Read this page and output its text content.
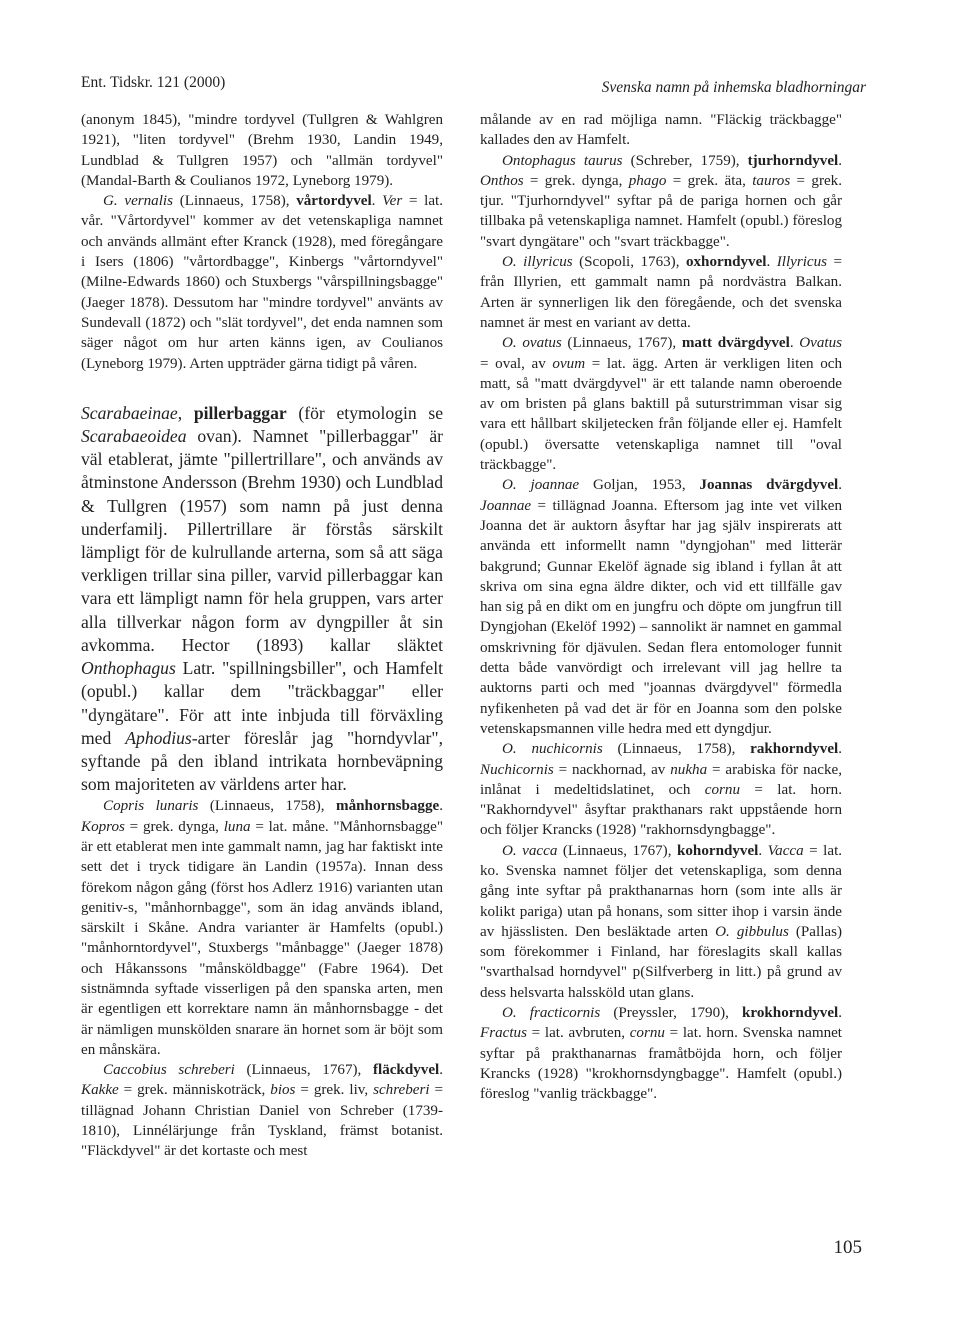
Ent. Tidskr. 121 (2000)	Svenska namn på inhemska bladhorningar

(anonym 1845), "mindre tordyvel (Tullgren & Wahlgren 1921), "liten tordyvel" (Brehm 1930, Landin 1949, Lundblad & Tullgren 1957) och "allmän tordyvel" (Mandal-Barth & Coulianos 1972, Lyneborg 1979).

G. vernalis (Linnaeus, 1758), vårtordyvel. Ver = lat. vår. "Vårtordyvel" kommer av det vetenskapliga namnet och används allmänt efter Kranck (1928), med föregångare i Isers (1806) "vårtordbagge", Kinbergs "vårtorndyvel" (Milne-Edwards 1860) och Stuxbergs "vårspillningsbagge" (Jaeger 1878). Dessutom har "mindre tordyvel" använts av Sundevall (1872) och "slät tordyvel", det enda namnen som säger något om hur arten känns igen, av Coulianos (Lyneborg 1979). Arten uppträder gärna tidigt på våren.

Scarabaeinae, pillerbaggar (för etymologin se Scarabaeoidea ovan). Namnet "pillerbaggar" är väl etablerat, jämte "pillertrillare", och används av åtminstone Andersson (Brehm 1930) och Lundblad & Tullgren (1957) som namn på just denna underfamilj. Pillertrillare är förstås särskilt lämpligt för de kulrullande arterna, som så att säga verkligen trillar sina piller, varvid pillerbaggar kan vara ett lämpligt namn för hela gruppen, vars arter alla tillverkar någon form av dyngpiller åt sin avkomma. Hector (1893) kallar släktet Onthophagus Latr. "spillningsbiller", och Hamfelt (opubl.) kallar dem "träckbaggar" eller "dyngätare". För att inte inbjuda till förväxling med Aphodius-arter föreslår jag "horndyvlar", syftande på den ibland intrikata hornbeväpning som majoriteten av världens arter har.

Copris lunaris (Linnaeus, 1758), månhornsbagge. Kopros = grek. dynga, luna = lat. måne. "Månhornsbagge" är ett etablerat men inte gammalt namn, jag har faktiskt inte sett det i tryck tidigare än Landin (1957a). Innan dess förekom någon gång (först hos Adlerz 1916) varianten utan genitiv-s, "månhornbagge", som än idag används ibland, särskilt i Skåne. Andra varianter är Hamfelts (opubl.) "månhorntordyvel", Stuxbergs "månbagge" (Jaeger 1878) och Håkanssons "månsköldbagge" (Fabre 1964). Det sistnämnda syftade visserligen på den spanska arten, men är egentligen ett korrektare namn än månhornsbagge - det är nämligen munskölden snarare än hornet som är böjt som en månskära.

Caccobius schreberi (Linnaeus, 1767), fläckdyvel. Kakke = grek. människoträck, bios = grek. liv, schreberi = tillägnad Johann Christian Daniel von Schreber (1739-1810), Linnélärjunge från Tyskland, främst botanist. "Fläckdyvel" är det kortaste och mest

målande av en rad möjliga namn. "Fläckig träckbagge" kallades den av Hamfelt.

Ontophagus taurus (Schreber, 1759), tjurhorndyvel. Onthos = grek. dynga, phago = grek. äta, tauros = grek. tjur. "Tjurhorndyvel" syftar på de pariga hornen och går tillbaka på vetenskapliga namnet. Hamfelt (opubl.) föreslog "svart dyngätare" och "svart träckbagge".

O. illyricus (Scopoli, 1763), oxhorndyvel. Illyricus = från Illyrien, ett gammalt namn på nordvästra Balkan. Arten är synnerligen lik den föregående, och det svenska namnet är mest en variant av detta.

O. ovatus (Linnaeus, 1767), matt dvärgdyvel. Ovatus = oval, av ovum = lat. ägg. Arten är verkligen liten och matt, så "matt dvärgdyvel" är ett talande namn oberoende av om bristen på glans baktill på suturstrimman visar sig vara ett hållbart skiljetecken från följande eller ej. Hamfelt (opubl.) översatte vetenskapliga namnet till "oval träckbagge".

O. joannae Goljan, 1953, Joannas dvärgdyvel. Joannae = tillägnad Joanna. Eftersom jag inte vet vilken Joanna det är auktorn åsyftar har jag själv inspirerats att använda ett informellt namn "dyngjohan" med litterär bakgrund; Gunnar Ekelöf ägnade sig ibland i fyllan åt att skriva om sina egna äldre dikter, och vid ett tillfälle gav han sig på en dikt om en jungfru och döpte om jungfrun till Dyngjohan (Ekelöf 1992) – sannolikt är namnet en gammal omskrivning för djävulen. Sedan flera entomologer funnit detta både vanvördigt och irrelevant vill jag hellre ta auktorns parti och med "joannas dvärgdyvel" förmedla nyfikenheten på vad det är för en Joanna som den polske vetenskapsmannen ville hedra med ett dyngdjur.

O. nuchicornis (Linnaeus, 1758), rakhorndyvel. Nuchicornis = nackhornad, av nukha = arabiska för nacke, inlånat i medeltidslatinet, och cornu = lat. horn. "Rakhorndyvel" åsyftar prakthanars rakt uppstående horn och följer Krancks (1928) "rakhornsdyngbagge".

O. vacca (Linnaeus, 1767), kohorndyvel. Vacca = lat. ko. Svenska namnet följer det vetenskapliga, som denna gång inte syftar på prakthanarnas horn (som inte alls är kolikt pariga) utan på honans, som sitter ihop i varsin ände av hjässlisten. Den besläktade arten O. gibbulus (Pallas) som förekommer i Finland, har föreslagits skall kallas "svarthalsad horndyvel" p(Silfverberg in litt.) på grund av dess helsvarta halssköld utan glans.

O. fracticornis (Preyssler, 1790), krokhorndyvel. Fractus = lat. avbruten, cornu = lat. horn. Svenska namnet syftar på prakthanarnas framåtböjda horn, och följer Krancks (1928) "krokhornsdyngbagge". Hamfelt (opubl.) föreslog "vanlig träckbagge".

105
